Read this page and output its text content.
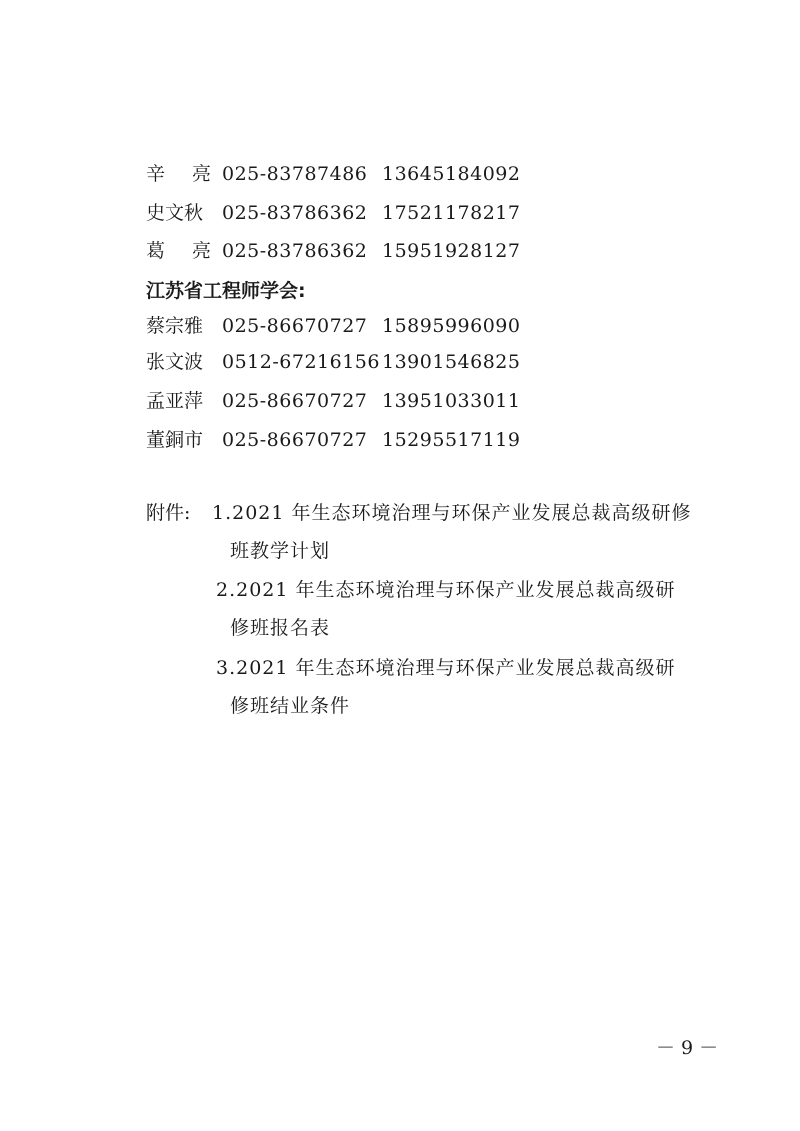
辛亮
025-83787486 13645184092
史文秋 025-83786362 17521178217
葛亮
025-83786362 15951928127
江苏省工程师学会:
蔡宗雅 025-86670727 15895996090
张文波 0512-67216156 13901546825
孟亚萍 025-86670727 13951033011
董銅市 025-86670727 15295517119
附件: 1.2021 年生态环境治理与环保产业发展总裁高级研修
班教学计划
2.2021 年生态环境治理与环保产业发展总裁高级研
修班报名表
3.2021 年生态环境治理与环保产业发展总裁高级研
修班结业条件
－9－
